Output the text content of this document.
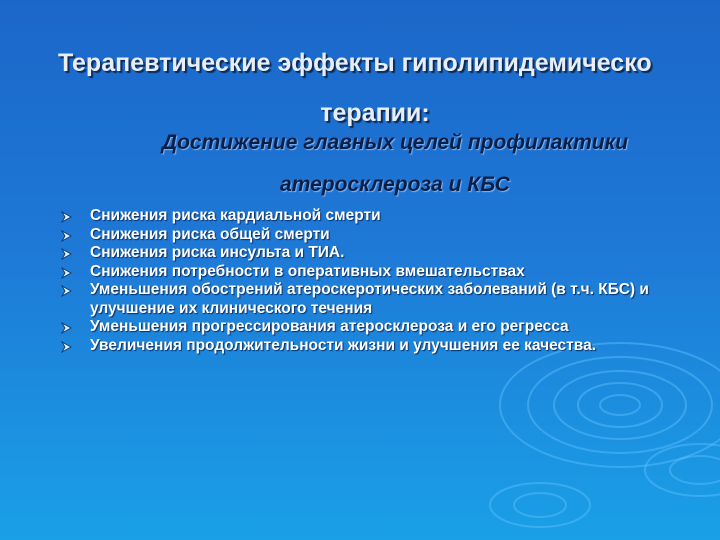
Терапевтические эффекты гиполипидемическо
терапии:
Достижение главных целей профилактики
атеросклероза и КБС
Снижения риска кардиальной смерти
Снижения риска общей смерти
Снижения риска инсульта и ТИА.
Снижения потребности в оперативных вмешательствах
Уменьшения обострений атероскеротических заболеваний (в т.ч. КБС) и улучшение их клинического течения
Уменьшения прогрессирования атеросклероза и его регресса
Увеличения продолжительности жизни и улучшения ее качества.
